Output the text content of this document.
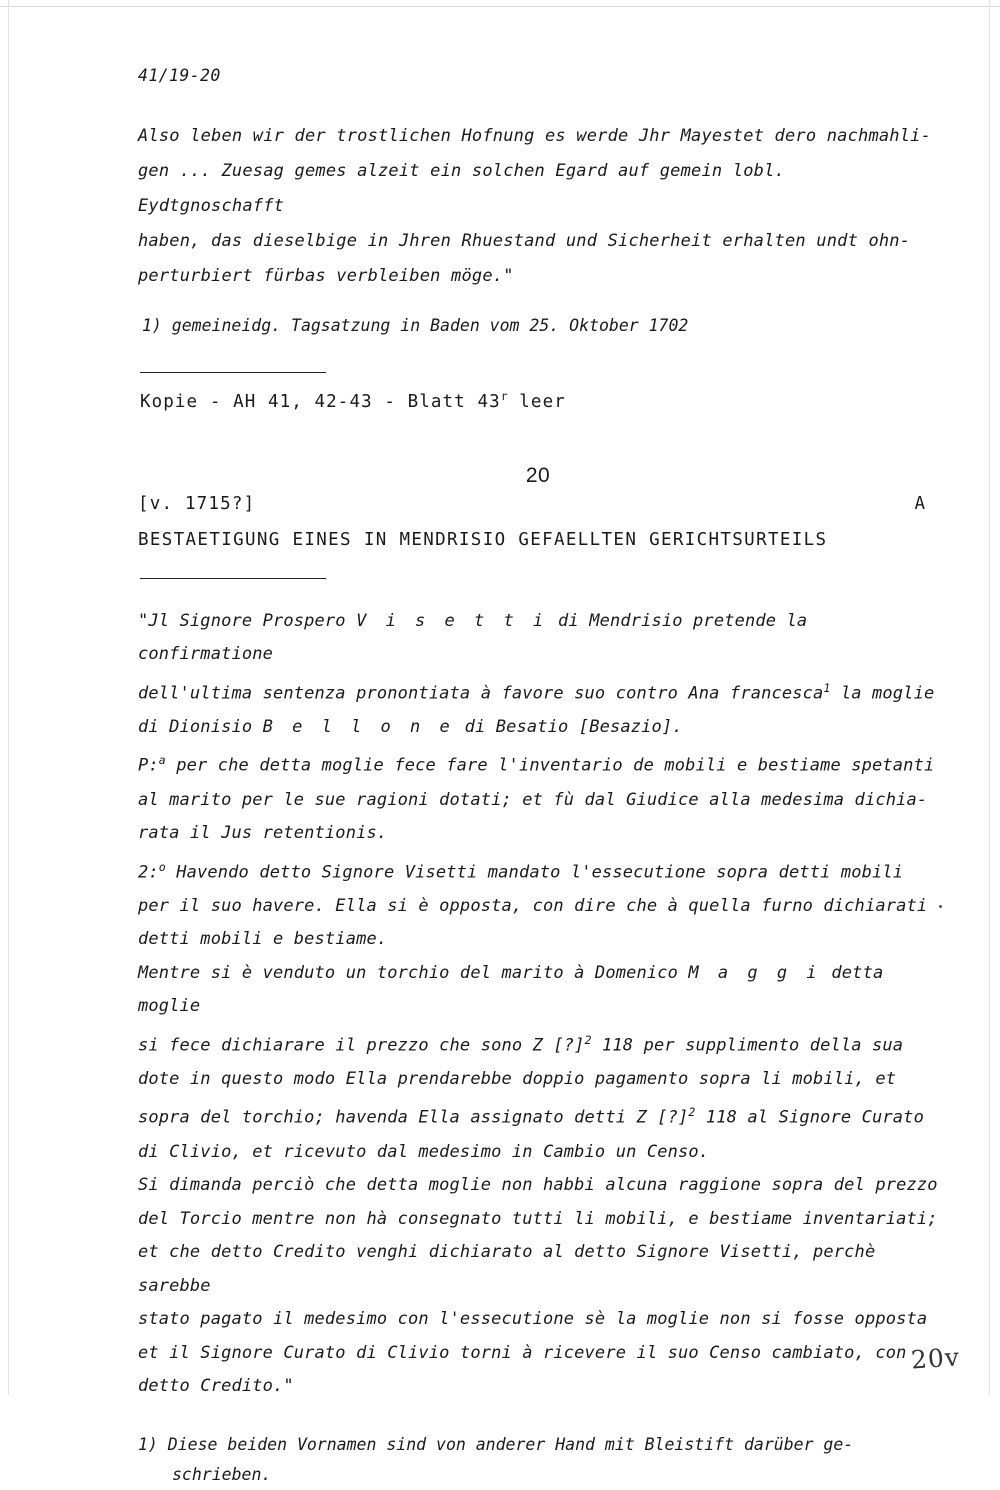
41/19-20

Also leben wir der trostlichen Hofnung es werde Jhr Mayestet dero nachmahli-

gen ... Zuesag gemes alzeit ein solchen Egard auf gemein lobl. Eydtgnoschafft

haben, das dieselbige in Jhren Rhuestand und Sicherheit erhalten undt ohn-

perturbiert fürbas verbleiben möge."

1) gemeineidg. Tagsatzung in Baden vom 25. Oktober 1702
Kopie - AH 41, 42-43 - Blatt 43$^r$ leer
20
[v. 1715?]	A
BESTAETIGUNG EINES IN MENDRISIO GEFAELLTEN GERICHTSURTEILS

"Jl Signore Prospero V i s e t t i di Mendrisio pretende la confirmatione

dell'ultima sentenza pronontiata à favore suo contro Ana francesca$^1$ la moglie

di Dionisio B e l l o n e di Besatio [Besazio].

P:$^a$ per che detta moglie fece fare l'inventario de mobili e bestiame spetanti

al marito per le sue ragioni dotati; et fù dal Giudice alla medesima dichia-

rata il Jus retentionis.

2:$^o$ Havendo detto Signore Visetti mandato l'essecutione sopra detti mobili

per il suo havere. Ella si è opposta, con dire che à quella furno dichiarati

detti mobili e bestiame.

Mentre si è venduto un torchio del marito à Domenico M a g g i detta moglie

si fece dichiarare il prezzo che sono Z [?]$^2$ 118 per supplimento della sua

dote in questo modo Ella prendarebbe doppio pagamento sopra li mobili, et

sopra del torchio; havenda Ella assignato detti Z [?]$^2$ 118 al Signore Curato

di Clivio, et ricevuto dal medesimo in Cambio un Censo.

Si dimanda perciò che detta moglie non habbi alcuna raggione sopra del prezzo

del Torcio mentre non hà consegnato tutti li mobili, e bestiame inventariati;

et che detto Credito venghi dichiarato al detto Signore Visetti, perchè sarebbe

stato pagato il medesimo con l'essecutione sè la moglie non si fosse opposta

et il Signore Curato di Clivio torni à ricevere il suo Censo cambiato, con

detto Credito."

1) Diese beiden Vornamen sind von anderer Hand mit Bleistift darüber ge-
schrieben.
20v
